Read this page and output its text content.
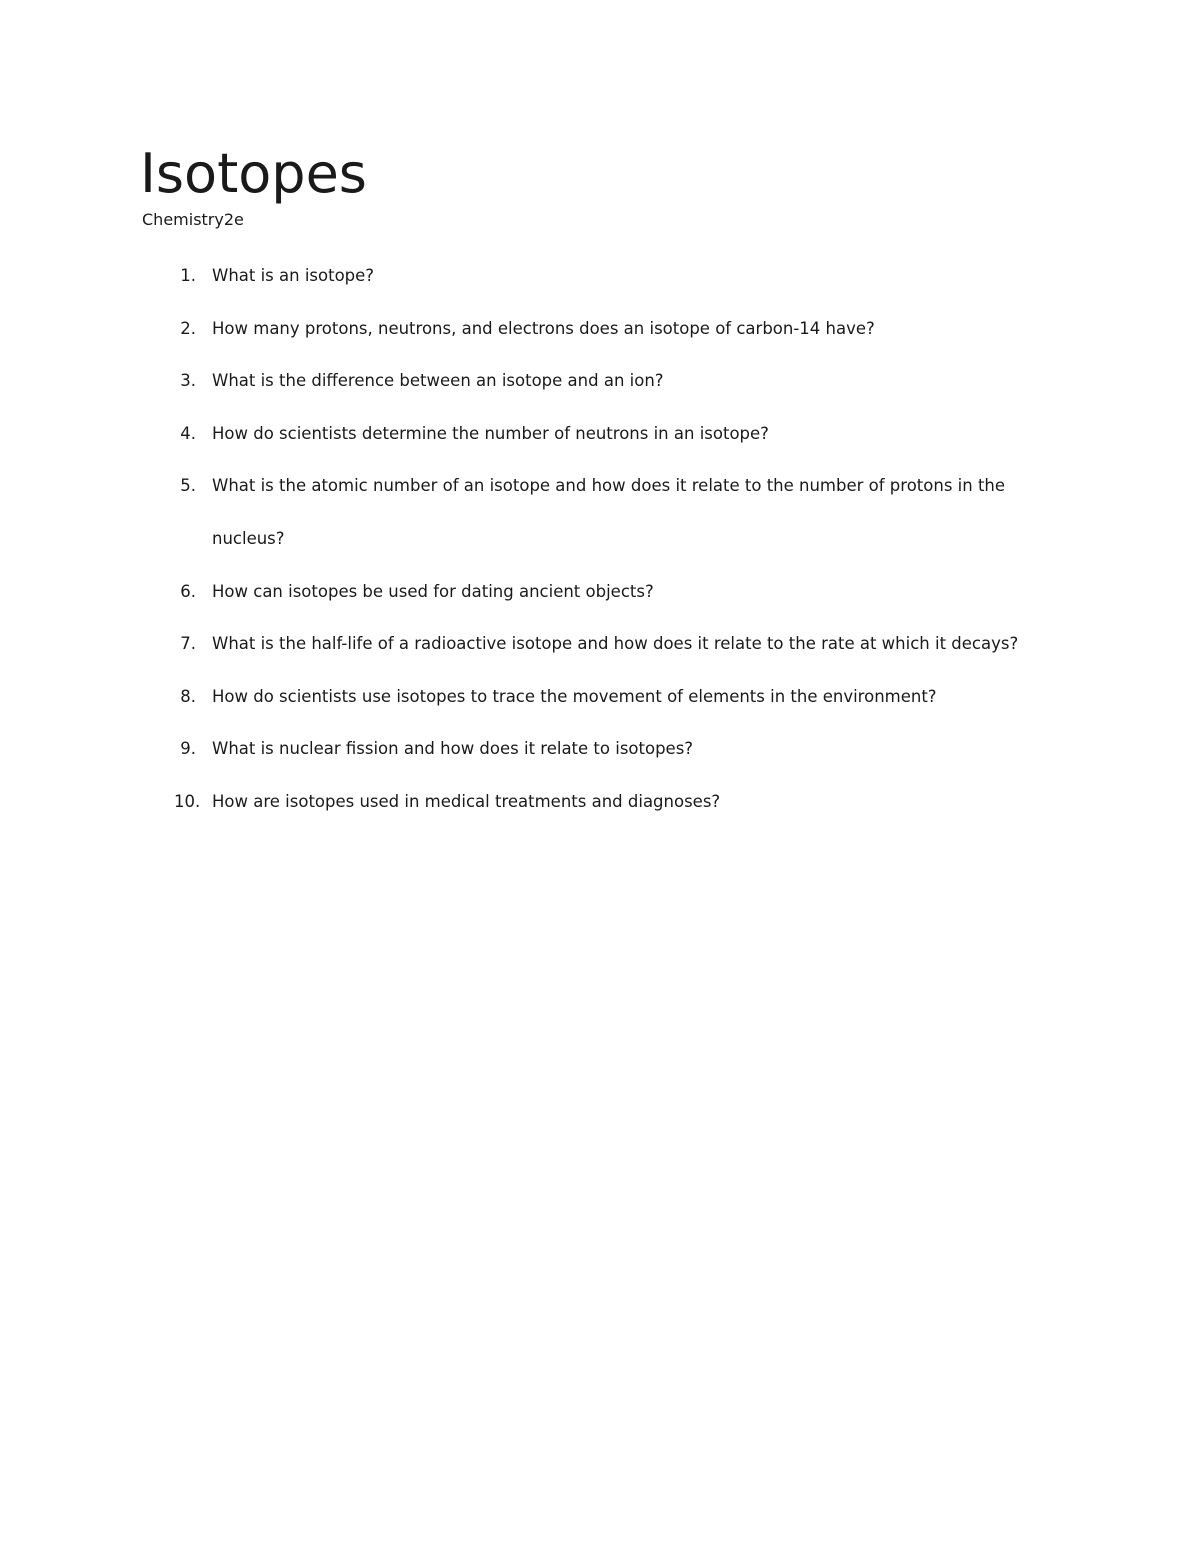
Isotopes

Chemistry2e

1. What is an isotope?
2. How many protons, neutrons, and electrons does an isotope of carbon-14 have?
3. What is the difference between an isotope and an ion?
4. How do scientists determine the number of neutrons in an isotope?
5. What is the atomic number of an isotope and how does it relate to the number of protons in the nucleus?
6. How can isotopes be used for dating ancient objects?
7. What is the half-life of a radioactive isotope and how does it relate to the rate at which it decays?
8. How do scientists use isotopes to trace the movement of elements in the environment?
9. What is nuclear fission and how does it relate to isotopes?
10. How are isotopes used in medical treatments and diagnoses?
